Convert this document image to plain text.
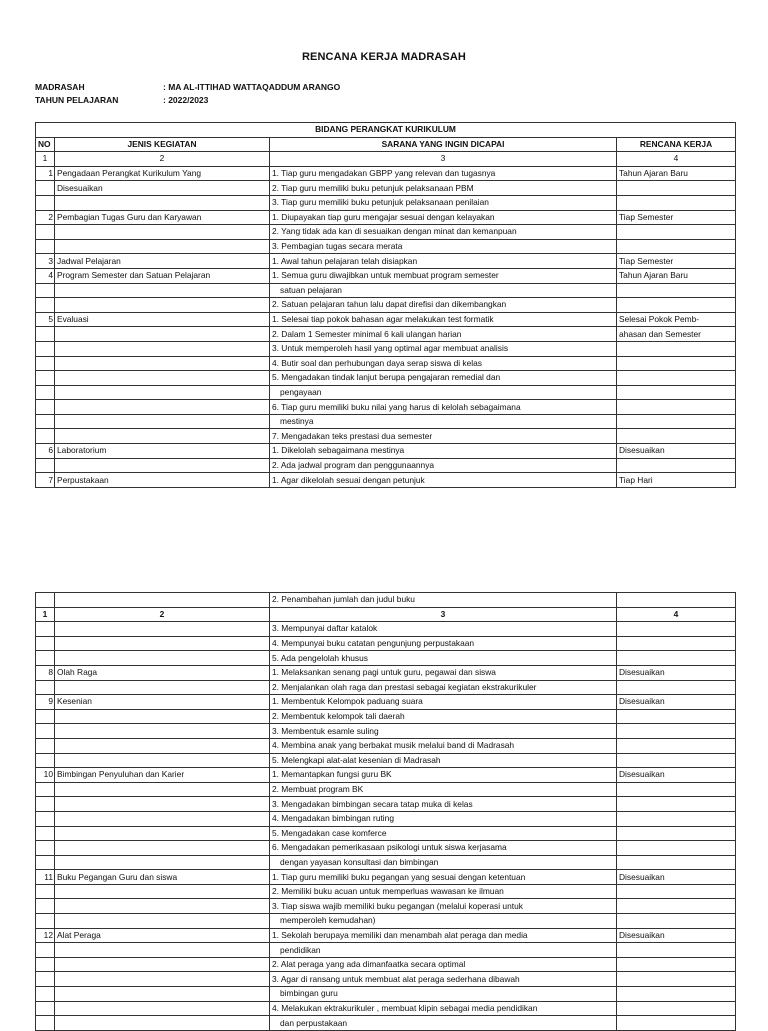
RENCANA KERJA MADRASAH
MADRASAH	: MA AL-ITTIHAD WATTAQADDUM ARANGO
TAHUN PELAJARAN	: 2022/2023
BIDANG PERANGKAT KURIKULUM			
NO	JENIS KEGIATAN	SARANA YANG INGIN DICAPAI	RENCANA KERJA
1	2	3	4
1	Pengadaan Perangkat Kurikulum Yang	1. Tiap guru mengadakan GBPP yang relevan dan tugasnya	Tahun Ajaran Baru
	Disesuaikan	2. Tiap guru memiliki buku petunjuk pelaksanaan PBM	
		3. Tiap guru memiliki buku petunjuk pelaksanaan penilaian	
2	Pembagian Tugas Guru dan Karyawan	1. Diupayakan tiap guru mengajar sesuai dengan kelayakan	Tiap Semester
		2. Yang tidak ada kan di sesuaikan dengan minat dan kemanpuan	
		3. Pembagian tugas secara merata	
3	Jadwal Pelajaran	1. Awal tahun pelajaran telah disiapkan	Tiap Semester
4	Program Semester dan Satuan Pelajaran	1. Semua guru diwajibkan untuk membuat program semester	Tahun Ajaran Baru
		satuan pelajaran	
		2. Satuan pelajaran tahun lalu dapat direfisi dan dikembangkan	
5	Evaluasi	1. Selesai tiap pokok bahasan agar melakukan test formatik	Selesai Pokok Pemb-
		2. Dalam 1 Semester minimal 6 kali ulangan harian	ahasan dan Semester
		3. Untuk memperoleh hasil yang optimal agar membuat analisis	
		4. Butir soal dan perhubungan daya serap siswa di kelas	
		5. Mengadakan tindak lanjut berupa pengajaran remedial dan	
		pengayaan	
		6. Tiap guru memiliki buku nilai yang harus di kelolah sebagaimana	
		mestinya	
		7. Mengadakan teks prestasi dua semester	
6	Laboratorium	1. Dikelolah sebagaimana mestinya	Disesuaikan
		2. Ada jadwal program dan penggunaannya	
7	Perpustakaan	1. Agar dikelolah sesuai dengan petunjuk	Tiap Hari
		2. Penambahan jumlah dan judul buku	
1	2	3	4
		3. Mempunyai daftar katalok	
		4. Mempunyai buku catatan pengunjung perpustakaan	
		5. Ada pengelolah khusus	
8	Olah Raga	1. Melaksankan senang pagi untuk guru, pegawai dan siswa	Disesuaikan
		2. Menjalankan olah raga dan prestasi sebagai kegiatan ekstrakurikuler	
9	Kesenian	1. Membentuk Kelompok paduang suara	Disesuaikan
		2. Membentuk kelompok tali daerah	
		3. Membentuk esamle suling	
		4. Membina anak yang berbakat musik melalui band di Madrasah	
		5. Melengkapi alat-alat kesenian di Madrasah	
10	Bimbingan Penyuluhan dan Karier	1. Memantapkan fungsi guru BK	Disesuaikan
		2. Membuat program BK	
		3. Mengadakan bimbingan secara tatap muka di kelas	
		4. Mengadakan bimbingan ruting	
		5. Mengadakan case komferce	
		6. Mengadakan pemerikasaan psikologi untuk siswa kerjasama	
		dengan yayasan konsultasi dan bimbingan	
11	Buku Pegangan Guru dan siswa	1. Tiap guru memiliki buku pegangan yang sesuai dengan ketentuan	Disesuaikan
		2. Memiliki buku acuan untuk memperluas wawasan ke ilmuan	
		3. Tiap siswa wajib memiliki buku pegangan (melalui koperasi untuk	
		memperoleh kemudahan)	
12	Alat Peraga	1. Sekolah berupaya memiliki dan menambah alat peraga dan media	Disesuaikan
		pendidikan	
		2. Alat peraga yang ada dimanfaatka secara optimal	
		3. Agar di ransang untuk membuat alat peraga sederhana dibawah	
		bimbingan guru	
		4. Melakukan ektrakurikuler , membuat klipin sebagai media pendidikan	
		dan perpustakaan	
